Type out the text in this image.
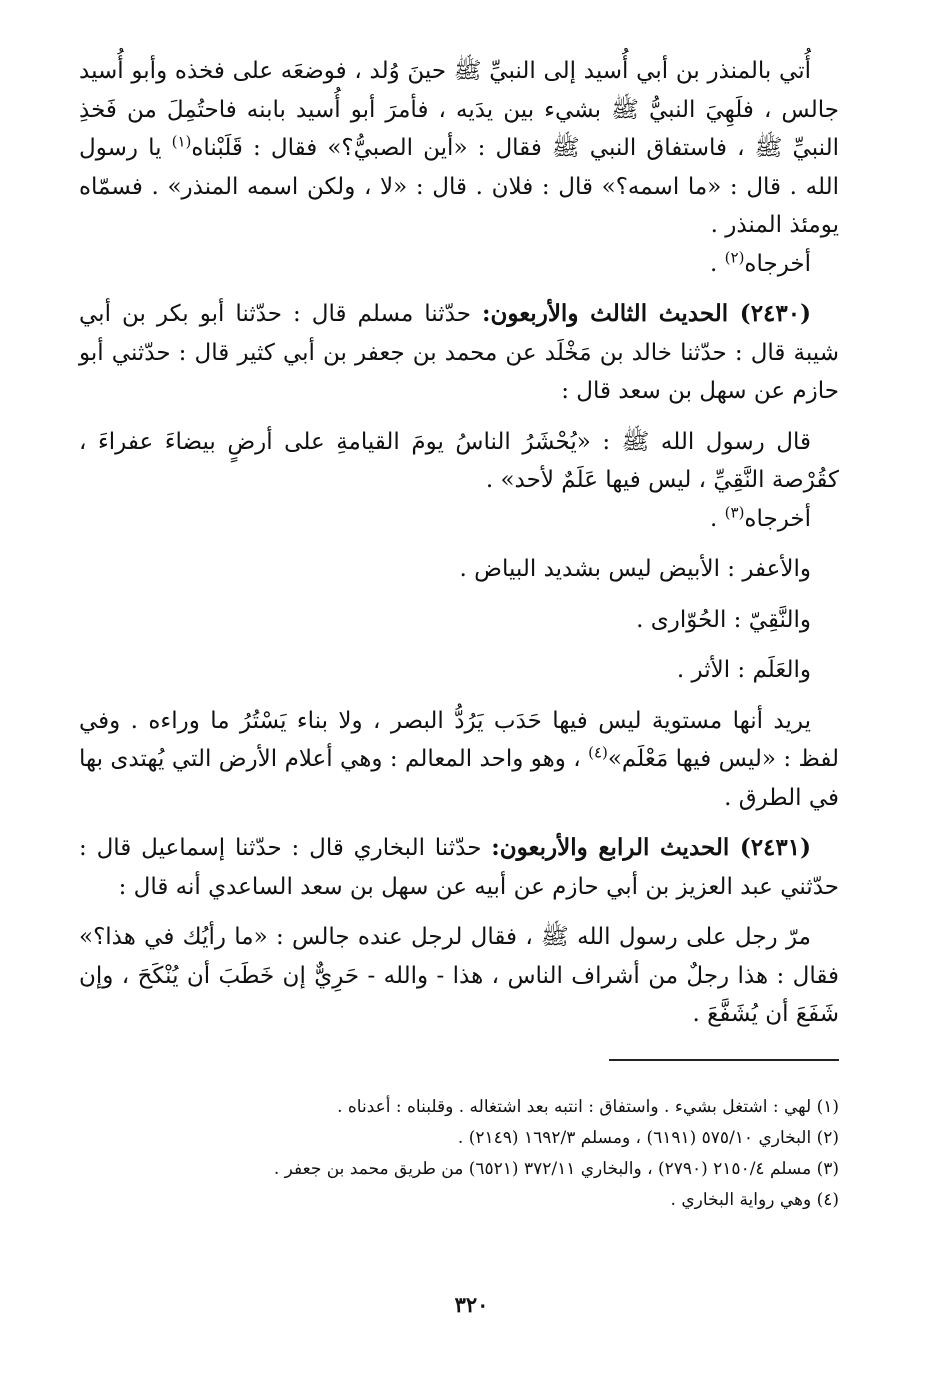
أُتي بالمنذر بن أبي أُسيد إلى النبيِّ ﷺ حينَ وُلد ، فوضعَه على فخذه وأبو أُسيد جالس ، فلَهِيَ النبيُّ ﷺ بشيء بين يدَيه ، فأمرَ أبو أُسيد بابنه فاحتُمِلَ من فَخذِ النبيِّ ﷺ ، فاستفاق النبي ﷺ فقال : «أين الصبيُّ؟» فقال : قَلَبْناه$^{(١)}$ يا رسول الله . قال : «ما اسمه؟» قال : فلان . قال : «لا ، ولكن اسمه المنذر» . فسمّاه يومئذ المنذر .

أخرجاه$^{(٢)}$ .

(٢٤٣٠) الحديث الثالث والأربعون: حدّثنا مسلم قال : حدّثنا أبو بكر بن أبي شيبة قال : حدّثنا خالد بن مَخْلَد عن محمد بن جعفر بن أبي كثير قال : حدّثني أبو حازم عن سهل بن سعد قال :

قال رسول الله ﷺ : «يُحْشَرُ الناسُ يومَ القيامةِ على أرضٍ بيضاءَ عفراءَ ، كقُرْصة النَّقِيِّ ، ليس فيها عَلَمٌ لأحد» .

أخرجاه$^{(٣)}$ .

والأعفر : الأبيض ليس بشديد البياض .

والنَّقِيّ : الحُوّارى .

والعَلَم : الأثر .

يريد أنها مستوية ليس فيها حَدَب يَرُدُّ البصر ، ولا بناء يَسْتُرُ ما وراءه . وفي لفظ : «ليس فيها مَعْلَم»$^{(٤)}$ ، وهو واحد المعالم : وهي أعلام الأرض التي يُهتدى بها في الطرق .

(٢٤٣١) الحديث الرابع والأربعون: حدّثنا البخاري قال : حدّثنا إسماعيل قال : حدّثني عبد العزيز بن أبي حازم عن أبيه عن سهل بن سعد الساعدي أنه قال :

مرّ رجل على رسول الله ﷺ ، فقال لرجل عنده جالس : «ما رأيُك في هذا؟» فقال : هذا رجلٌ من أشراف الناس ، هذا - والله - حَرِيٌّ إن خَطَبَ أن يُنْكَحَ ، وإن شَفَعَ أن يُشَفَّعَ .

(١) لهي : اشتغل بشيء . واستفاق : انتبه بعد اشتغاله . وقلبناه : أعدناه .

(٢) البخاري ٥٧٥/١٠ (٦١٩١) ، ومسلم ١٦٩٢/٣ (٢١٤٩) .

(٣) مسلم ٢١٥٠/٤ (٢٧٩٠) ، والبخاري ٣٧٢/١١ (٦٥٢١) من طريق محمد بن جعفر .

(٤) وهي رواية البخاري .

٣٢٠
